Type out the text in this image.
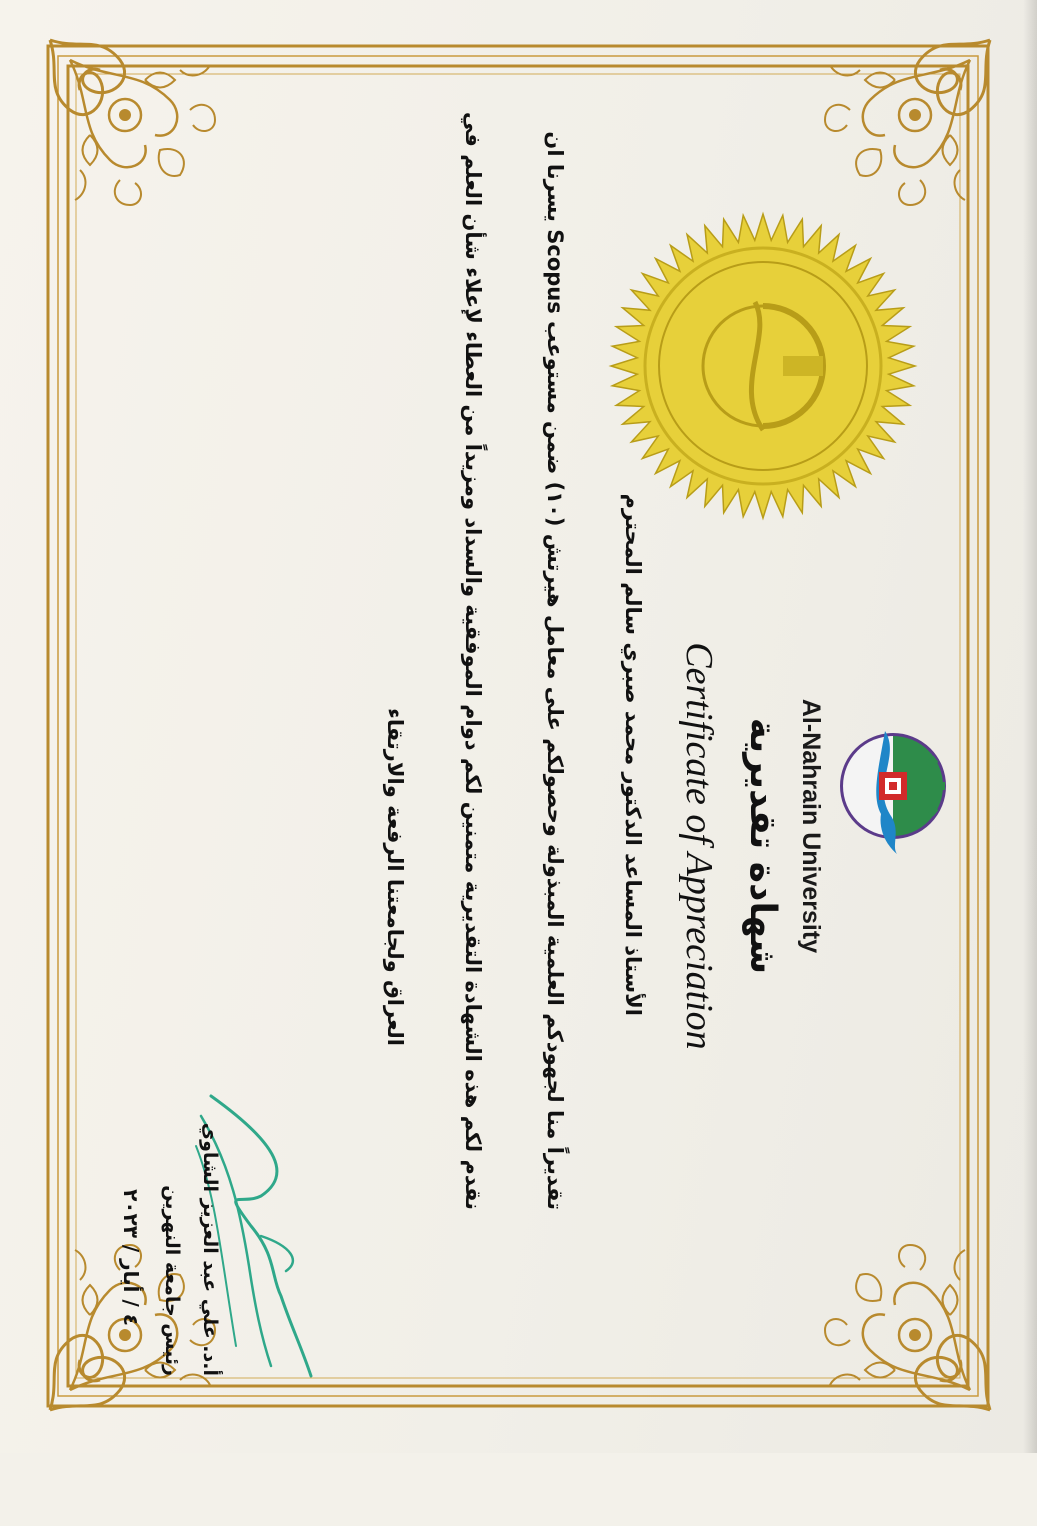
Al-Nahrain University
شهادة تقديرية
Certificate of Appreciation
الأستاذ المساعد الدكتور محمد صبري سالم المحترم
تقديراً منا لجهودكم العلمية المبذولة وحصولكم على معامل هيرتش (١٠) ضمن مستوعب Scopus يسرنا ان
نقدم لكم هذه الشهادة التقديرية متمنين لكم دوام الموفقية والسداد ومزيداً من العطاء لإعلاء شأن العلم في
العراق ولجامعتنا الرفعة والارتقاء
أ.د. علي عبد العزيز الشاوي
رئيس جامعة النهرين
٤ / أيار / ٢٠٢٣
